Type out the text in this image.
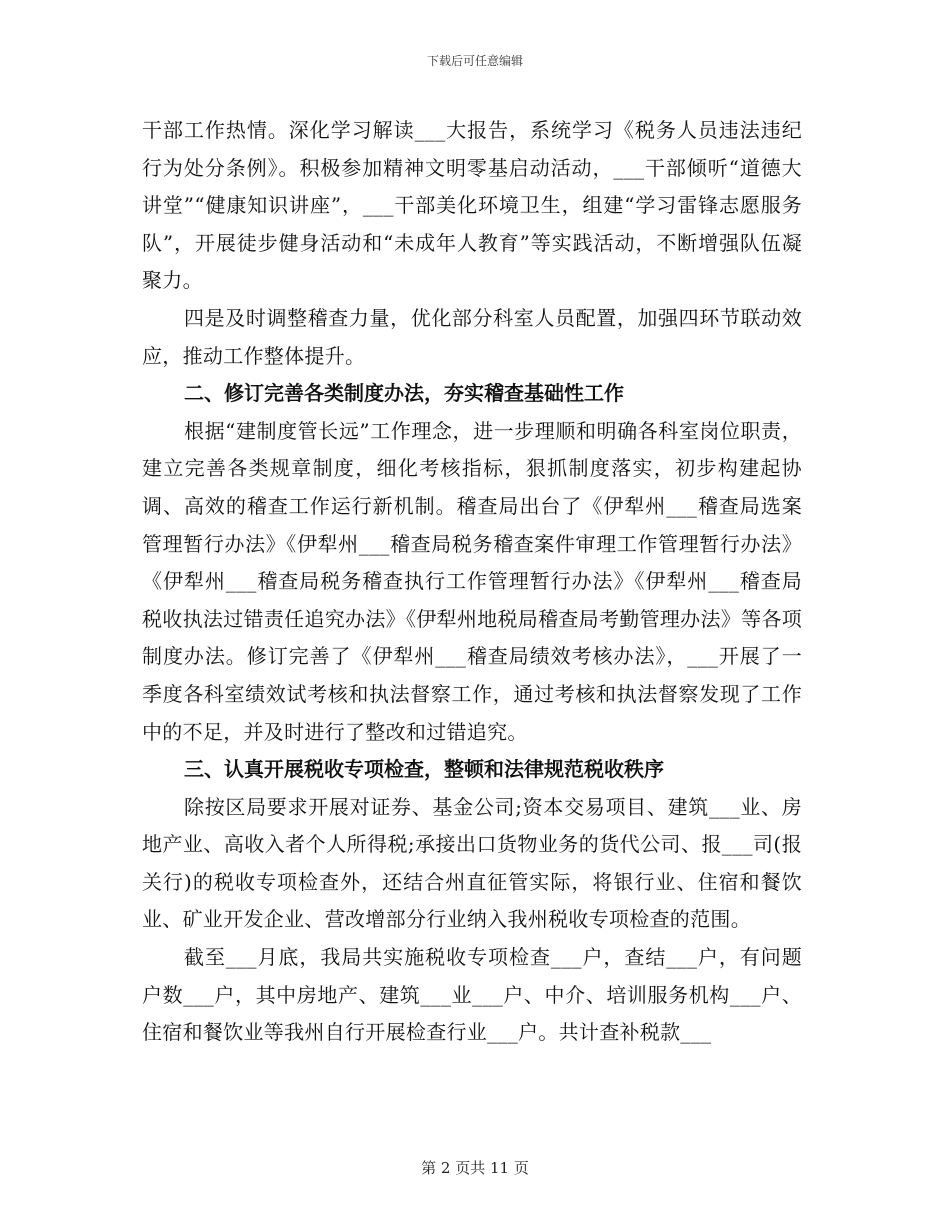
下载后可任意编辑

干部工作热情。深化学习解读___大报告，系统学习《税务人员违法违纪行为处分条例》。积极参加精神文明零基启动活动，___干部倾听“道德大讲堂”“健康知识讲座”，___干部美化环境卫生，组建“学习雷锋志愿服务队”，开展徒步健身活动和“未成年人教育”等实践活动，不断增强队伍凝聚力。

四是及时调整稽查力量，优化部分科室人员配置，加强四环节联动效应，推动工作整体提升。

二、修订完善各类制度办法，夯实稽查基础性工作

根据“建制度管长远”工作理念，进一步理顺和明确各科室岗位职责，建立完善各类规章制度，细化考核指标，狠抓制度落实，初步构建起协调、高效的稽查工作运行新机制。稽查局出台了《伊犁州___稽查局选案管理暂行办法》《伊犁州___稽查局税务稽查案件审理工作管理暂行办法》《伊犁州___稽查局税务稽查执行工作管理暂行办法》《伊犁州___稽查局税收执法过错责任追究办法》《伊犁州地税局稽查局考勤管理办法》等各项制度办法。修订完善了《伊犁州___稽查局绩效考核办法》，___开展了一季度各科室绩效试考核和执法督察工作，通过考核和执法督察发现了工作中的不足，并及时进行了整改和过错追究。

三、认真开展税收专项检查，整顿和法律规范税收秩序

除按区局要求开展对证券、基金公司;资本交易项目、建筑___业、房地产业、高收入者个人所得税;承接出口货物业务的货代公司、报___司(报关行)的税收专项检查外，还结合州直征管实际，将银行业、住宿和餐饮业、矿业开发企业、营改增部分行业纳入我州税收专项检查的范围。

截至___月底，我局共实施税收专项检查___户，查结___户，有问题户数___户，其中房地产、建筑___业___户、中介、培训服务机构___户、住宿和餐饮业等我州自行开展检查行业___户。共计查补税款___

第 2 页共 11 页
